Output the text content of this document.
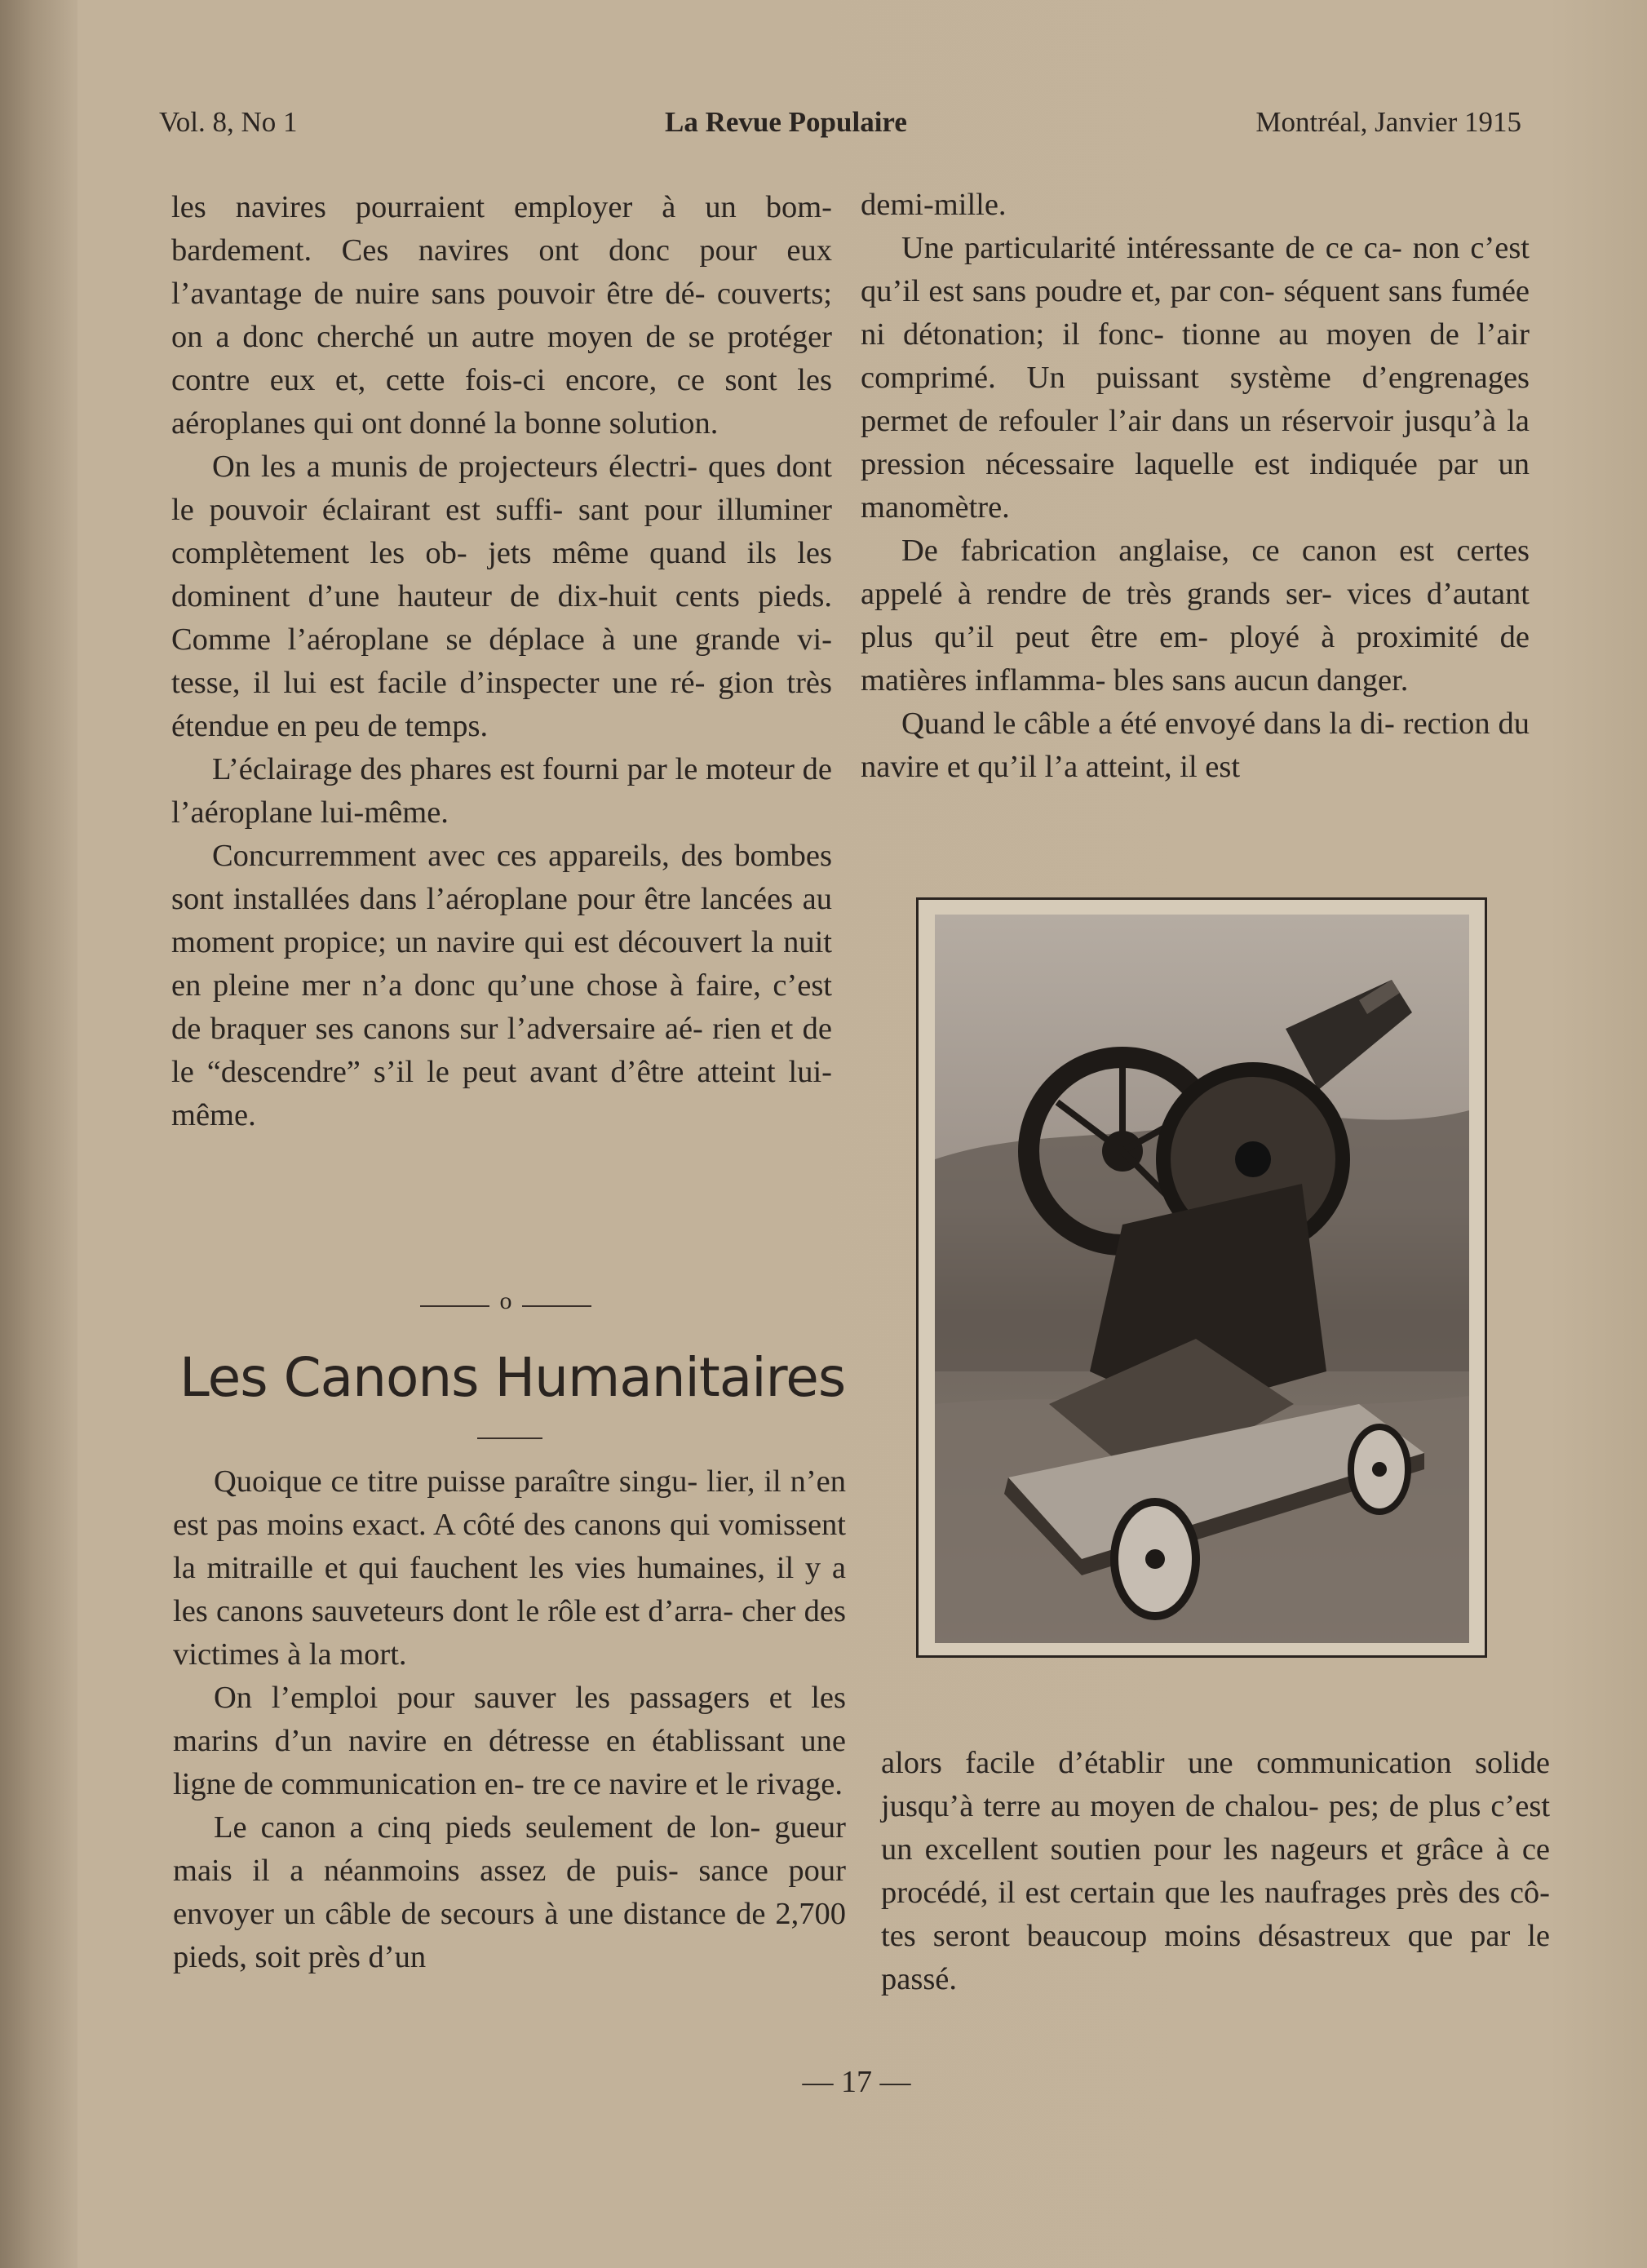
Vol. 8, No 1	La Revue Populaire	Montréal, Janvier 1915

les navires pourraient employer à un bom- bardement. Ces navires ont donc pour eux l’avantage de nuire sans pouvoir être dé- couverts; on a donc cherché un autre moyen de se protéger contre eux et, cette fois-ci encore, ce sont les aéroplanes qui ont donné la bonne solution.

On les a munis de projecteurs électri- ques dont le pouvoir éclairant est suffi- sant pour illuminer complètement les ob- jets même quand ils les dominent d’une hauteur de dix-huit cents pieds. Comme l’aéroplane se déplace à une grande vi- tesse, il lui est facile d’inspecter une ré- gion très étendue en peu de temps.

L’éclairage des phares est fourni par le moteur de l’aéroplane lui-même.

Concurremment avec ces appareils, des bombes sont installées dans l’aéroplane pour être lancées au moment propice; un navire qui est découvert la nuit en pleine mer n’a donc qu’une chose à faire, c’est de braquer ses canons sur l’adversaire aé- rien et de le “descendre” s’il le peut avant d’être atteint lui-même.

o
Les Canons Humanitaires

Quoique ce titre puisse paraître singu- lier, il n’en est pas moins exact. A côté des canons qui vomissent la mitraille et qui fauchent les vies humaines, il y a les canons sauveteurs dont le rôle est d’arra- cher des victimes à la mort.

On l’emploi pour sauver les passagers et les marins d’un navire en détresse en établissant une ligne de communication en- tre ce navire et le rivage.

Le canon a cinq pieds seulement de lon- gueur mais il a néanmoins assez de puis- sance pour envoyer un câble de secours à une distance de 2,700 pieds, soit près d’un

demi-mille.

Une particularité intéressante de ce ca- non c’est qu’il est sans poudre et, par con- séquent sans fumée ni détonation; il fonc- tionne au moyen de l’air comprimé. Un puissant système d’engrenages permet de refouler l’air dans un réservoir jusqu’à la pression nécessaire laquelle est indiquée par un manomètre.

De fabrication anglaise, ce canon est certes appelé à rendre de très grands ser- vices d’autant plus qu’il peut être em- ployé à proximité de matières inflamma- bles sans aucun danger.

Quand le câble a été envoyé dans la di- rection du navire et qu’il l’a atteint, il est

alors facile d’établir une communication solide jusqu’à terre au moyen de chalou- pes; de plus c’est un excellent soutien pour les nageurs et grâce à ce procédé, il est certain que les naufrages près des cô- tes seront beaucoup moins désastreux que par le passé.

— 17 —
